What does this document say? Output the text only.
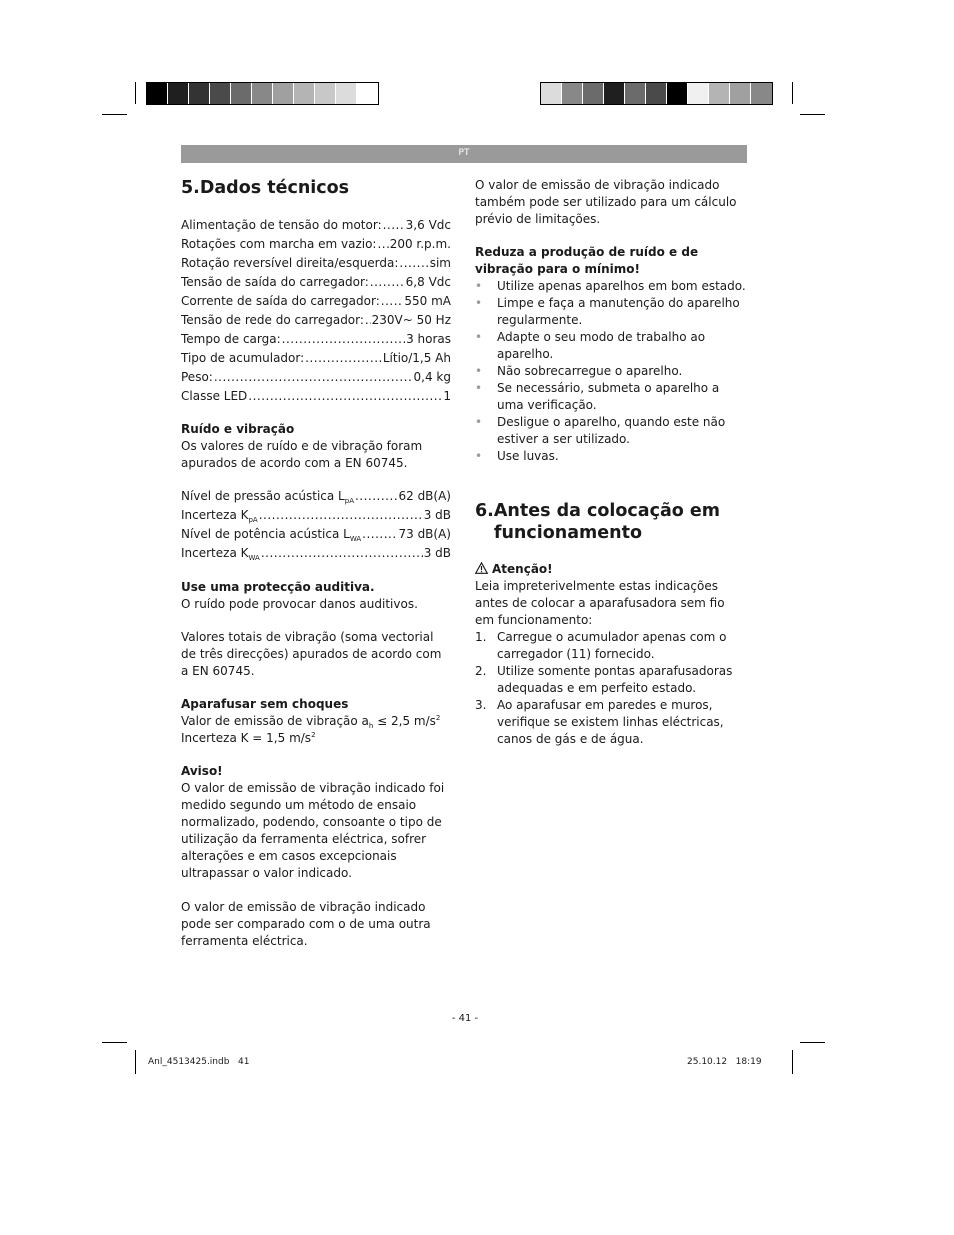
PT
5. Dados técnicos
Alimentação de tensão do motor: ..... 3,6 Vdc
Rotações com marcha em vazio: ..... 200 r.p.m.
Rotação reversível direita/esquerda: .....	sim
Tensão de saída do carregador: .....	6,8 Vdc
Corrente de saída do carregador: ..... 550 mA
Tensão de rede do carregador: ..... 230V~ 50 Hz
Tempo de carga: .....	3 horas
Tipo de acumulador: .....	Lítio/1,5 Ah
Peso: .....	0,4 kg
Classe LED .....	1

Ruído e vibração

Os valores de ruído e de vibração foram apurados de acordo com a EN 60745.

Nível de pressão acústica $L_{pA}$ .....	62 dB(A)
Incerteza $K_{pA}$ .....	3 dB
Nível de potência acústica $L_{WA}$ .....	73 dB(A)
Incerteza $K_{WA}$ .....	3 dB

Use uma protecção auditiva.

O ruído pode provocar danos auditivos.

Valores totais de vibração (soma vectorial de três direcções) apurados de acordo com a EN 60745.

Aparafusar sem choques

Valor de emissão de vibração $a_h \le 2,5$ $m/s^2$

Incerteza K = 1,5 $m/s^2$

Aviso!

O valor de emissão de vibração indicado foi medido segundo um método de ensaio normalizado, podendo, consoante o tipo de utilização da ferramenta eléctrica, sofrer alterações e em casos excepcionais ultrapassar o valor indicado.

O valor de emissão de vibração indicado pode ser comparado com o de uma outra ferramenta eléctrica.

O valor de emissão de vibração indicado também pode ser utilizado para um cálculo prévio de limitações.

Reduza a produção de ruído e de vibração para o mínimo!

• Utilize apenas aparelhos em bom estado.
• Limpe e faça a manutenção do aparelho regularmente.
• Adapte o seu modo de trabalho ao aparelho.
• Não sobrecarregue o aparelho.
• Se necessário, submeta o aparelho a uma verificação.
• Desligue o aparelho, quando este não estiver a ser utilizado.
• Use luvas.
6. Antes da colocação em funcionamento

Atenção!

Leia impreterivelmente estas indicações antes de colocar a aparafusadora sem fio em funcionamento:

1. Carregue o acumulador apenas com o carregador (11) fornecido.
2. Utilize somente pontas aparafusadoras adequadas e em perfeito estado.
3. Ao aparafusar em paredes e muros, verifique se existem linhas eléctricas, canos de gás e de água.
- 41 -
Anl_4513425.indb   41	25.10.12   18:19
